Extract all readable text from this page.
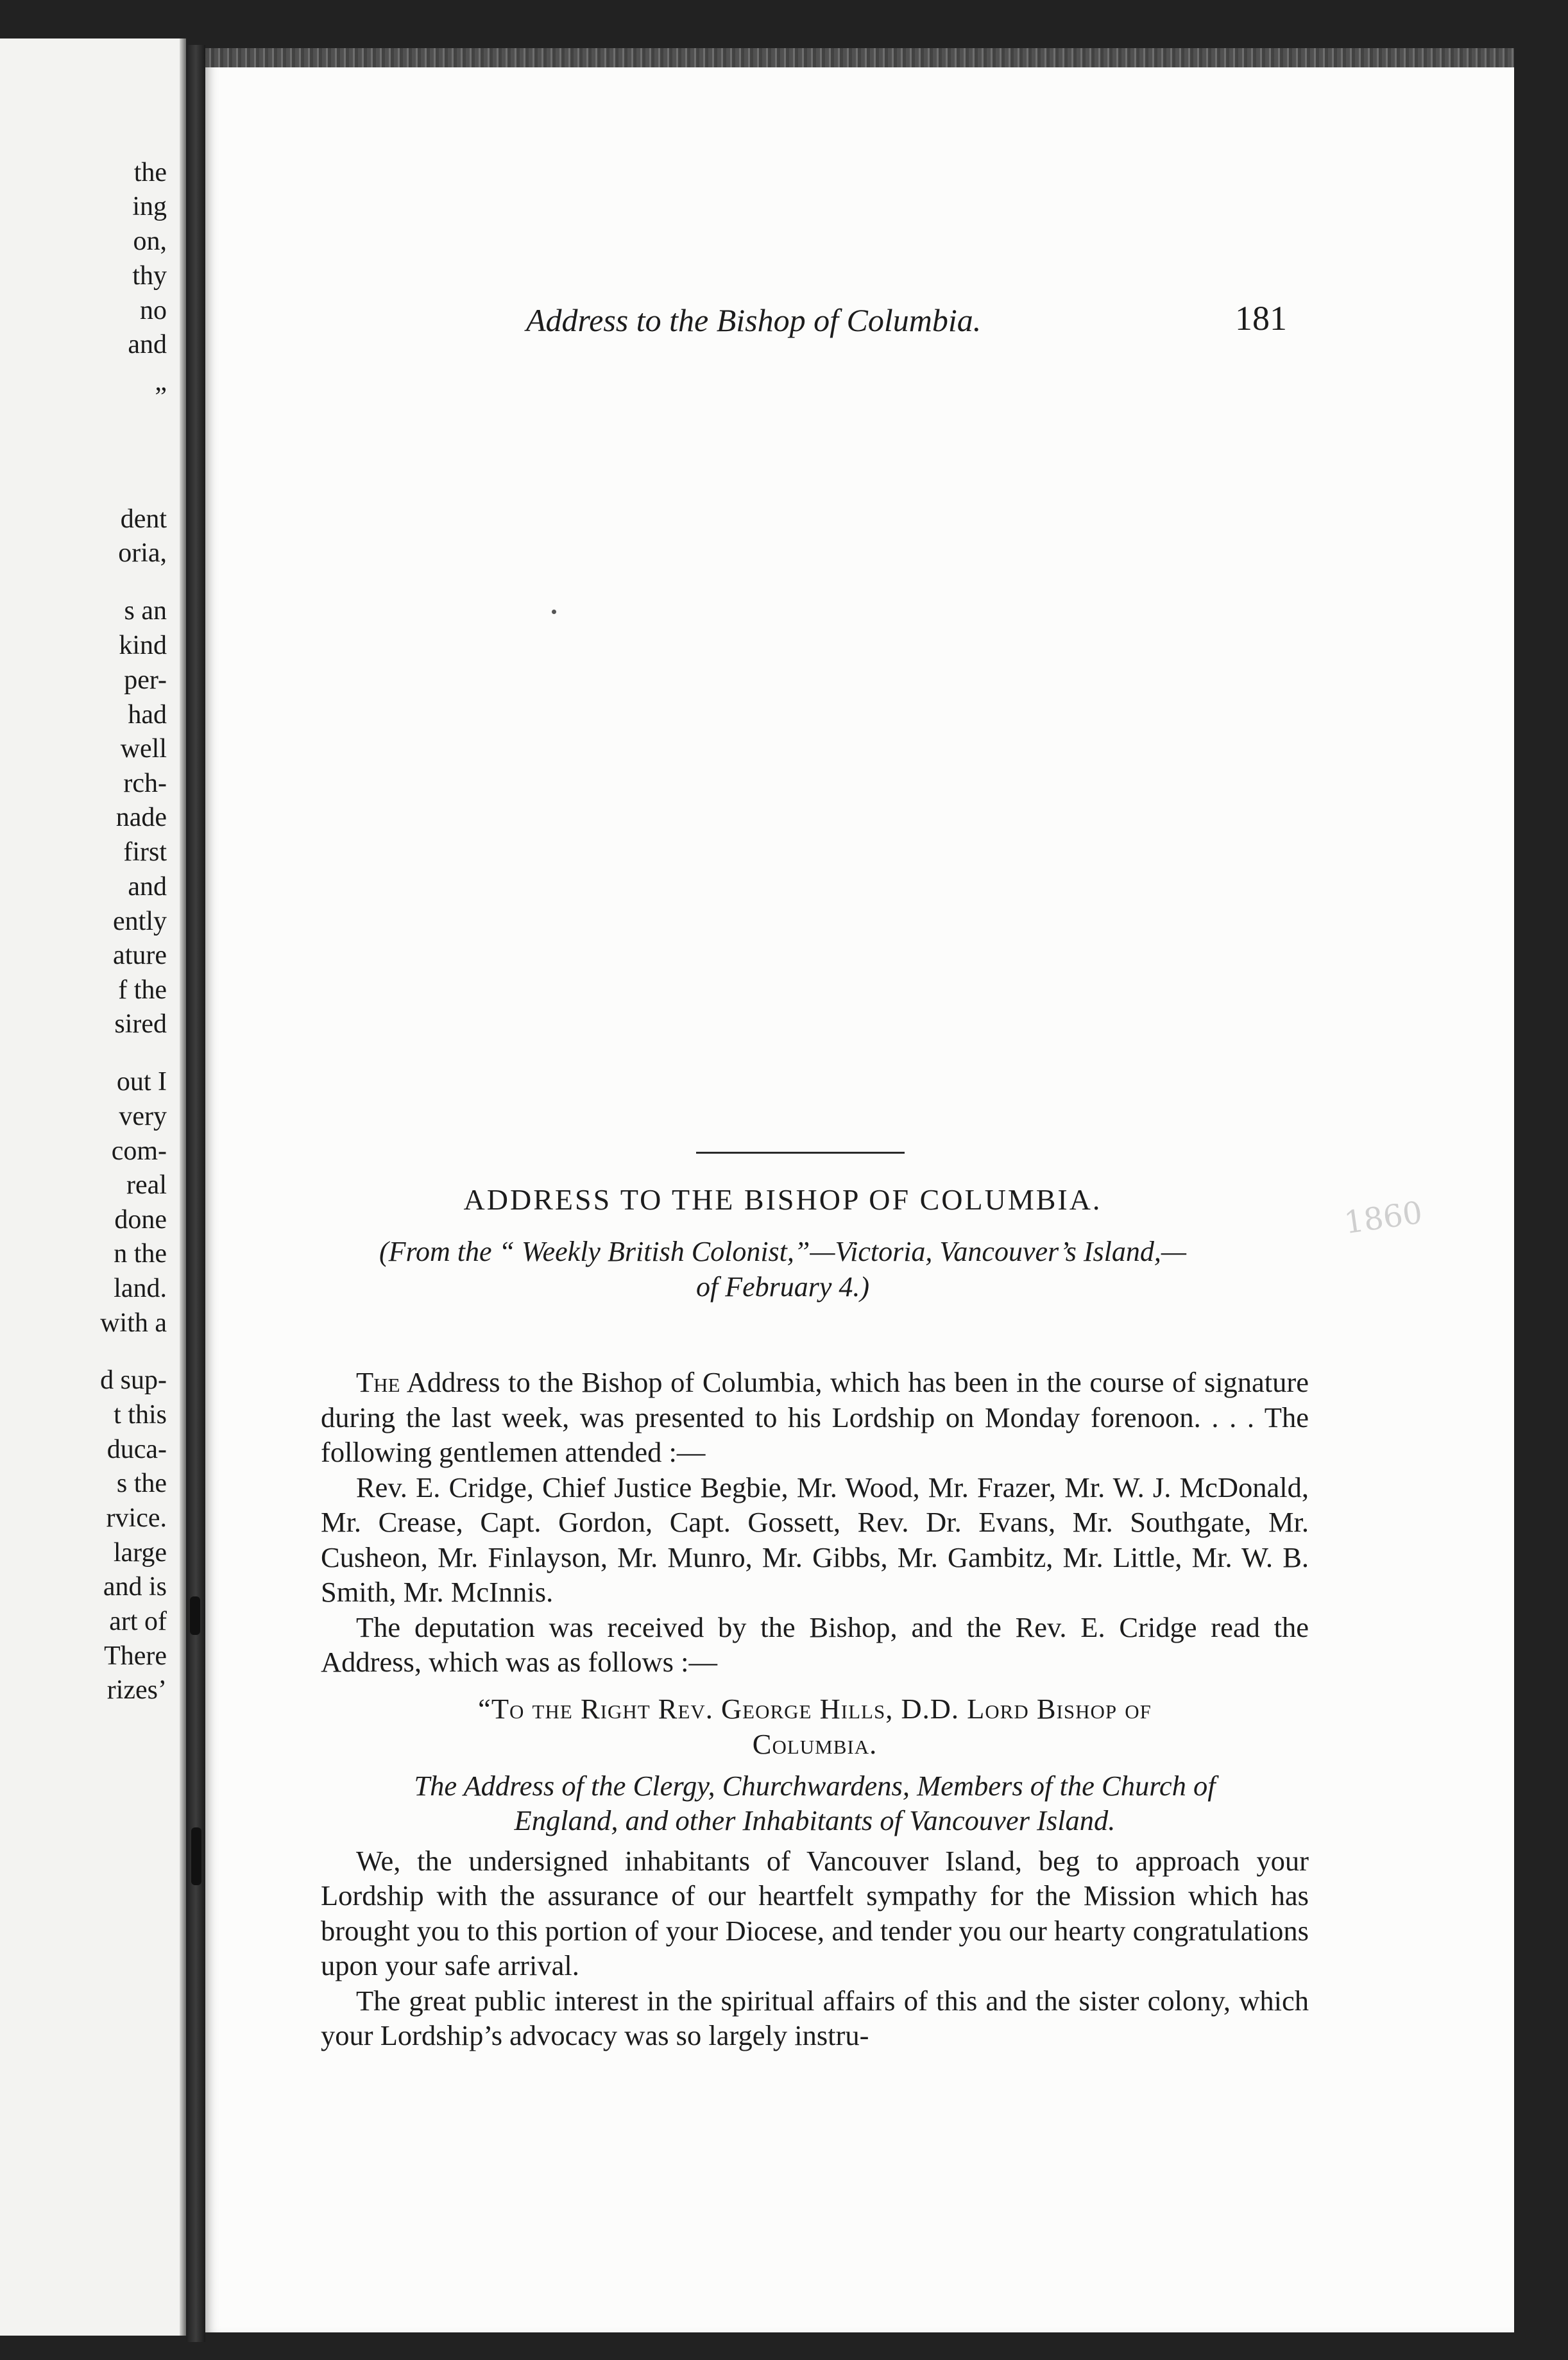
the
ing
on,
thy
no
and
”
dent
oria,
s an
kind
per-
had
well
rch-
nade
first
and
ently
ature
f the
sired
out I
very
com-
real
done
n the
land.
with a
d sup-
t this
duca-
s the
rvice.
large
and is
art of
There
rizes’
Address to the Bishop of Columbia.	181
ADDRESS TO THE BISHOP OF COLUMBIA.
(From the “ Weekly British Colonist,”—Victoria, Vancouver’s Island,—
of February 4.)

The Address to the Bishop of Columbia, which has been in the course of signature during the last week, was presented to his Lordship on Monday forenoon. . . . The following gentlemen attended :—

Rev. E. Cridge, Chief Justice Begbie, Mr. Wood, Mr. Frazer, Mr. W. J. McDonald, Mr. Crease, Capt. Gordon, Capt. Gossett, Rev. Dr. Evans, Mr. Southgate, Mr. Cusheon, Mr. Finlayson, Mr. Munro, Mr. Gibbs, Mr. Gambitz, Mr. Little, Mr. W. B. Smith, Mr. McInnis.

The deputation was received by the Bishop, and the Rev. E. Cridge read the Address, which was as follows :—

“To the Right Rev. George Hills, D.D. Lord Bishop of
Columbia.

The Address of the Clergy, Churchwardens, Members of the Church of
England, and other Inhabitants of Vancouver Island.

We, the undersigned inhabitants of Vancouver Island, beg to approach your Lordship with the assurance of our heartfelt sympathy for the Mission which has brought you to this portion of your Diocese, and tender you our hearty congratulations upon your safe arrival.

The great public interest in the spiritual affairs of this and the sister colony, which your Lordship’s advocacy was so largely instru-

1860
